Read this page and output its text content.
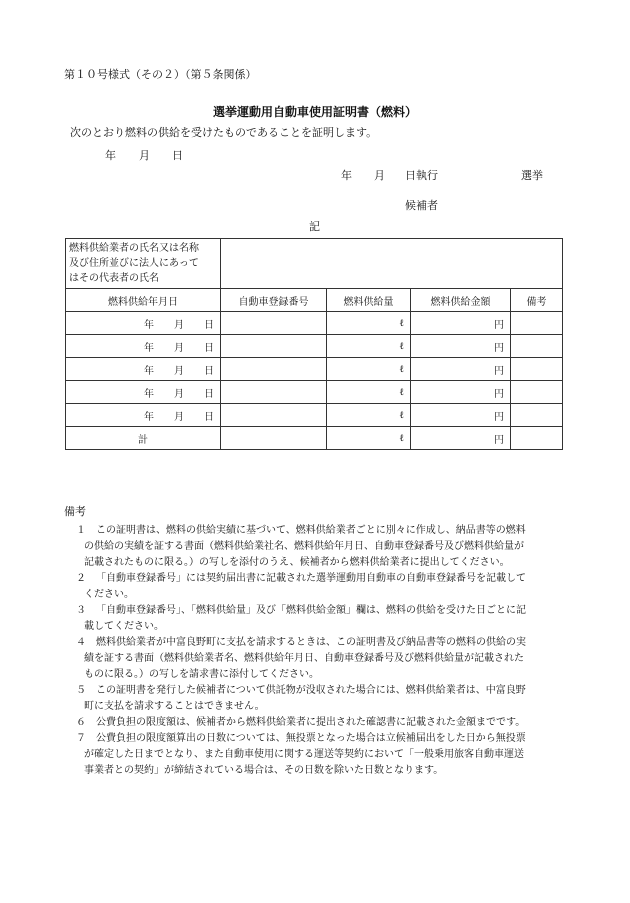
第１０号様式（その２）（第５条関係）
選挙運動用自動車使用証明書（燃料）
次のとおり燃料の供給を受けたものであることを証明します。
年 月 日
年 月 日執行	選挙
候補者
記
燃料供給業者の氏名又は名称
及び住所並びに法人にあって
はその代表者の氏名				

燃料供給年月日	自動車登録番号	燃料供給量	燃料供給金額	備考
年 月 日		ℓ	円	
年 月 日		ℓ	円	
年 月 日		ℓ	円	
年 月 日		ℓ	円	
年 月 日		ℓ	円	
計		ℓ	円	
備考
１ この証明書は、燃料の供給実績に基づいて、燃料供給業者ごとに別々に作成し、納品書等の燃料
の供給の実績を証する書面（燃料供給業社名、燃料供給年月日、自動車登録番号及び燃料供給量が
記載されたものに限る。）の写しを添付のうえ、候補者から燃料供給業者に提出してください。
２ 「自動車登録番号」には契約届出書に記載された選挙運動用自動車の自動車登録番号を記載して
ください。
３ 「自動車登録番号」、「燃料供給量」及び「燃料供給金額」欄は、燃料の供給を受けた日ごとに記
載してください。
４ 燃料供給業者が中富良野町に支払を請求するときは、この証明書及び納品書等の燃料の供給の実
績を証する書面（燃料供給業者名、燃料供給年月日、自動車登録番号及び燃料供給量が記載された
ものに限る。）の写しを請求書に添付してください。
５ この証明書を発行した候補者について供託物が没収された場合には、燃料供給業者は、中富良野
町に支払を請求することはできません。
６ 公費負担の限度額は、候補者から燃料供給業者に提出された確認書に記載された金額までです。
７ 公費負担の限度額算出の日数については、無投票となった場合は立候補届出をした日から無投票
が確定した日までとなり、また自動車使用に関する運送等契約において「一般乗用旅客自動車運送
事業者との契約」が締結されている場合は、その日数を除いた日数となります。
